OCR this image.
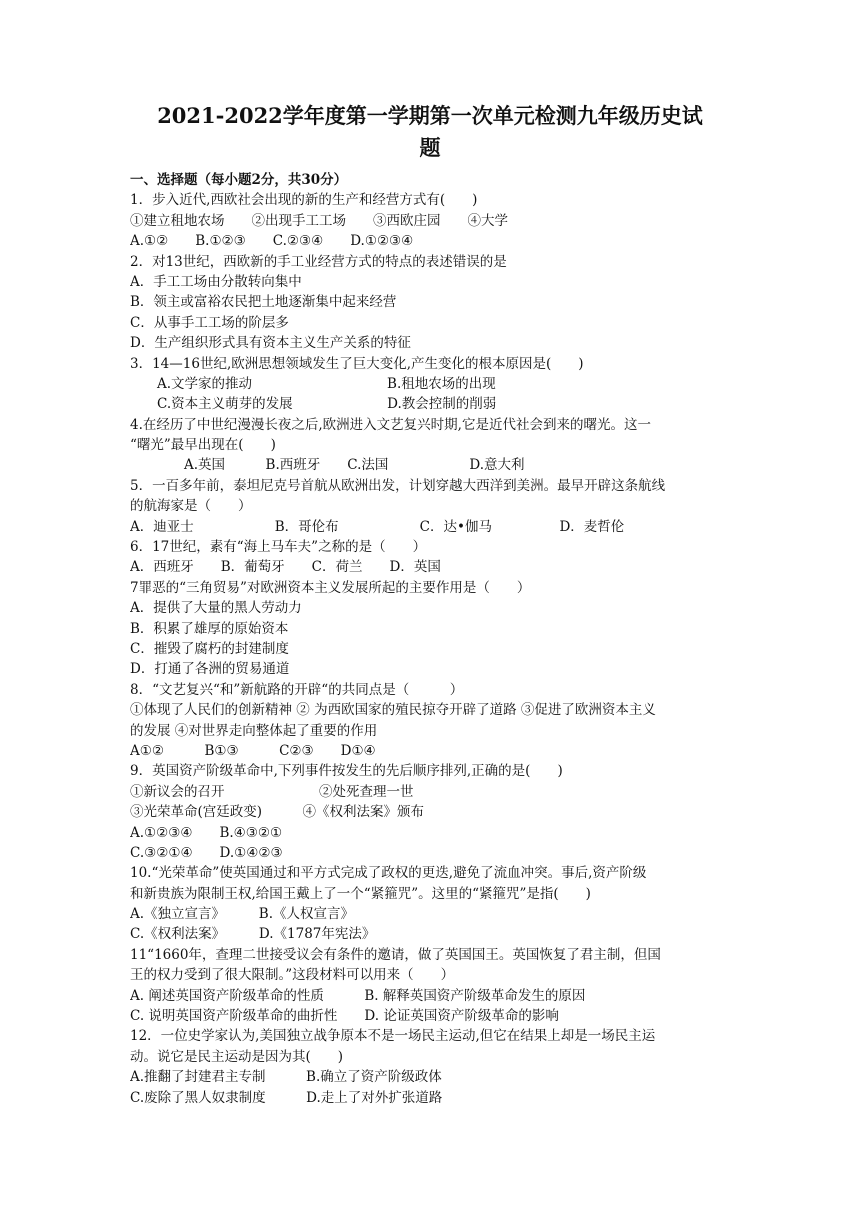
2021-2022学年度第一学期第一次单元检测九年级历史试
题
一、选择题（每小题2分，共30分）
1．步入近代,西欧社会出现的新的生产和经营方式有(　　)
①建立租地农场　　②出现手工工场　　③西欧庄园　　④大学
A.①②　　B.①②③　　C.②③④　　D.①②③④
2．对13世纪，西欧新的手工业经营方式的特点的表述错误的是
A．手工工场由分散转向集中
B．领主或富裕农民把土地逐渐集中起来经营
C．从事手工工场的阶层多
D．生产组织形式具有资本主义生产关系的特征
3．14—16世纪,欧洲思想领域发生了巨大变化,产生变化的根本原因是(　　)
　　A.文学家的推动　　　　　　　　　　B.租地农场的出现
　　C.资本主义萌芽的发展　　　　　　　D.教会控制的削弱
4.在经历了中世纪漫漫长夜之后,欧洲进入文艺复兴时期,它是近代社会到来的曙光。这一
“曙光”最早出现在(　　)
　　　　A.英国　　　B.西班牙　　C.法国　　　　　　D.意大利
5．一百多年前，泰坦尼克号首航从欧洲出发，计划穿越大西洋到美洲。最早开辟这条航线
的航海家是（　　）
A．迪亚士　　　　　　B．哥伦布　　　　　　C．达•伽马　　　　　D．麦哲伦
6．17世纪，素有“海上马车夫”之称的是（　　）
A．西班牙　　B．葡萄牙　　C．荷兰　　D．英国
7罪恶的“三角贸易”对欧洲资本主义发展所起的主要作用是（　　）
A．提供了大量的黑人劳动力
B．积累了雄厚的原始资本
C．摧毁了腐朽的封建制度
D．打通了各洲的贸易通道
8．“文艺复兴“和”新航路的开辟“的共同点是（　　　）
①体现了人民们的创新精神 ② 为西欧国家的殖民掠夺开辟了道路 ③促进了欧洲资本主义
的发展 ④对世界走向整体起了重要的作用
A①②　　　B①③　　　C②③　　D①④
9．英国资产阶级革命中,下列事件按发生的先后顺序排列,正确的是(　　)
①新议会的召开　　　　　　　②处死查理一世
③光荣革命(宫廷政变)　　　④《权利法案》颁布
A.①②③④　　B.④③②①
C.③②①④　　D.①④②③
10.“光荣革命”使英国通过和平方式完成了政权的更迭,避免了流血冲突。事后,资产阶级
和新贵族为限制王权,给国王戴上了一个“紧箍咒”。这里的“紧箍咒”是指(　　)
A.《独立宣言》　　　B.《人权宣言》
C.《权利法案》　　　D.《1787年宪法》
11“1660年，查理二世接受议会有条件的邀请，做了英国国王。英国恢复了君主制，但国
王的权力受到了很大限制。”这段材料可以用来（　　）
A. 阐述英国资产阶级革命的性质　　　B. 解释英国资产阶级革命发生的原因
C. 说明英国资产阶级革命的曲折性　　D. 论证英国资产阶级革命的影响
12．一位史学家认为,美国独立战争原本不是一场民主运动,但它在结果上却是一场民主运
动。说它是民主运动是因为其(　　)
A.推翻了封建君主专制　　　B.确立了资产阶级政体
C.废除了黑人奴隶制度　　　D.走上了对外扩张道路
